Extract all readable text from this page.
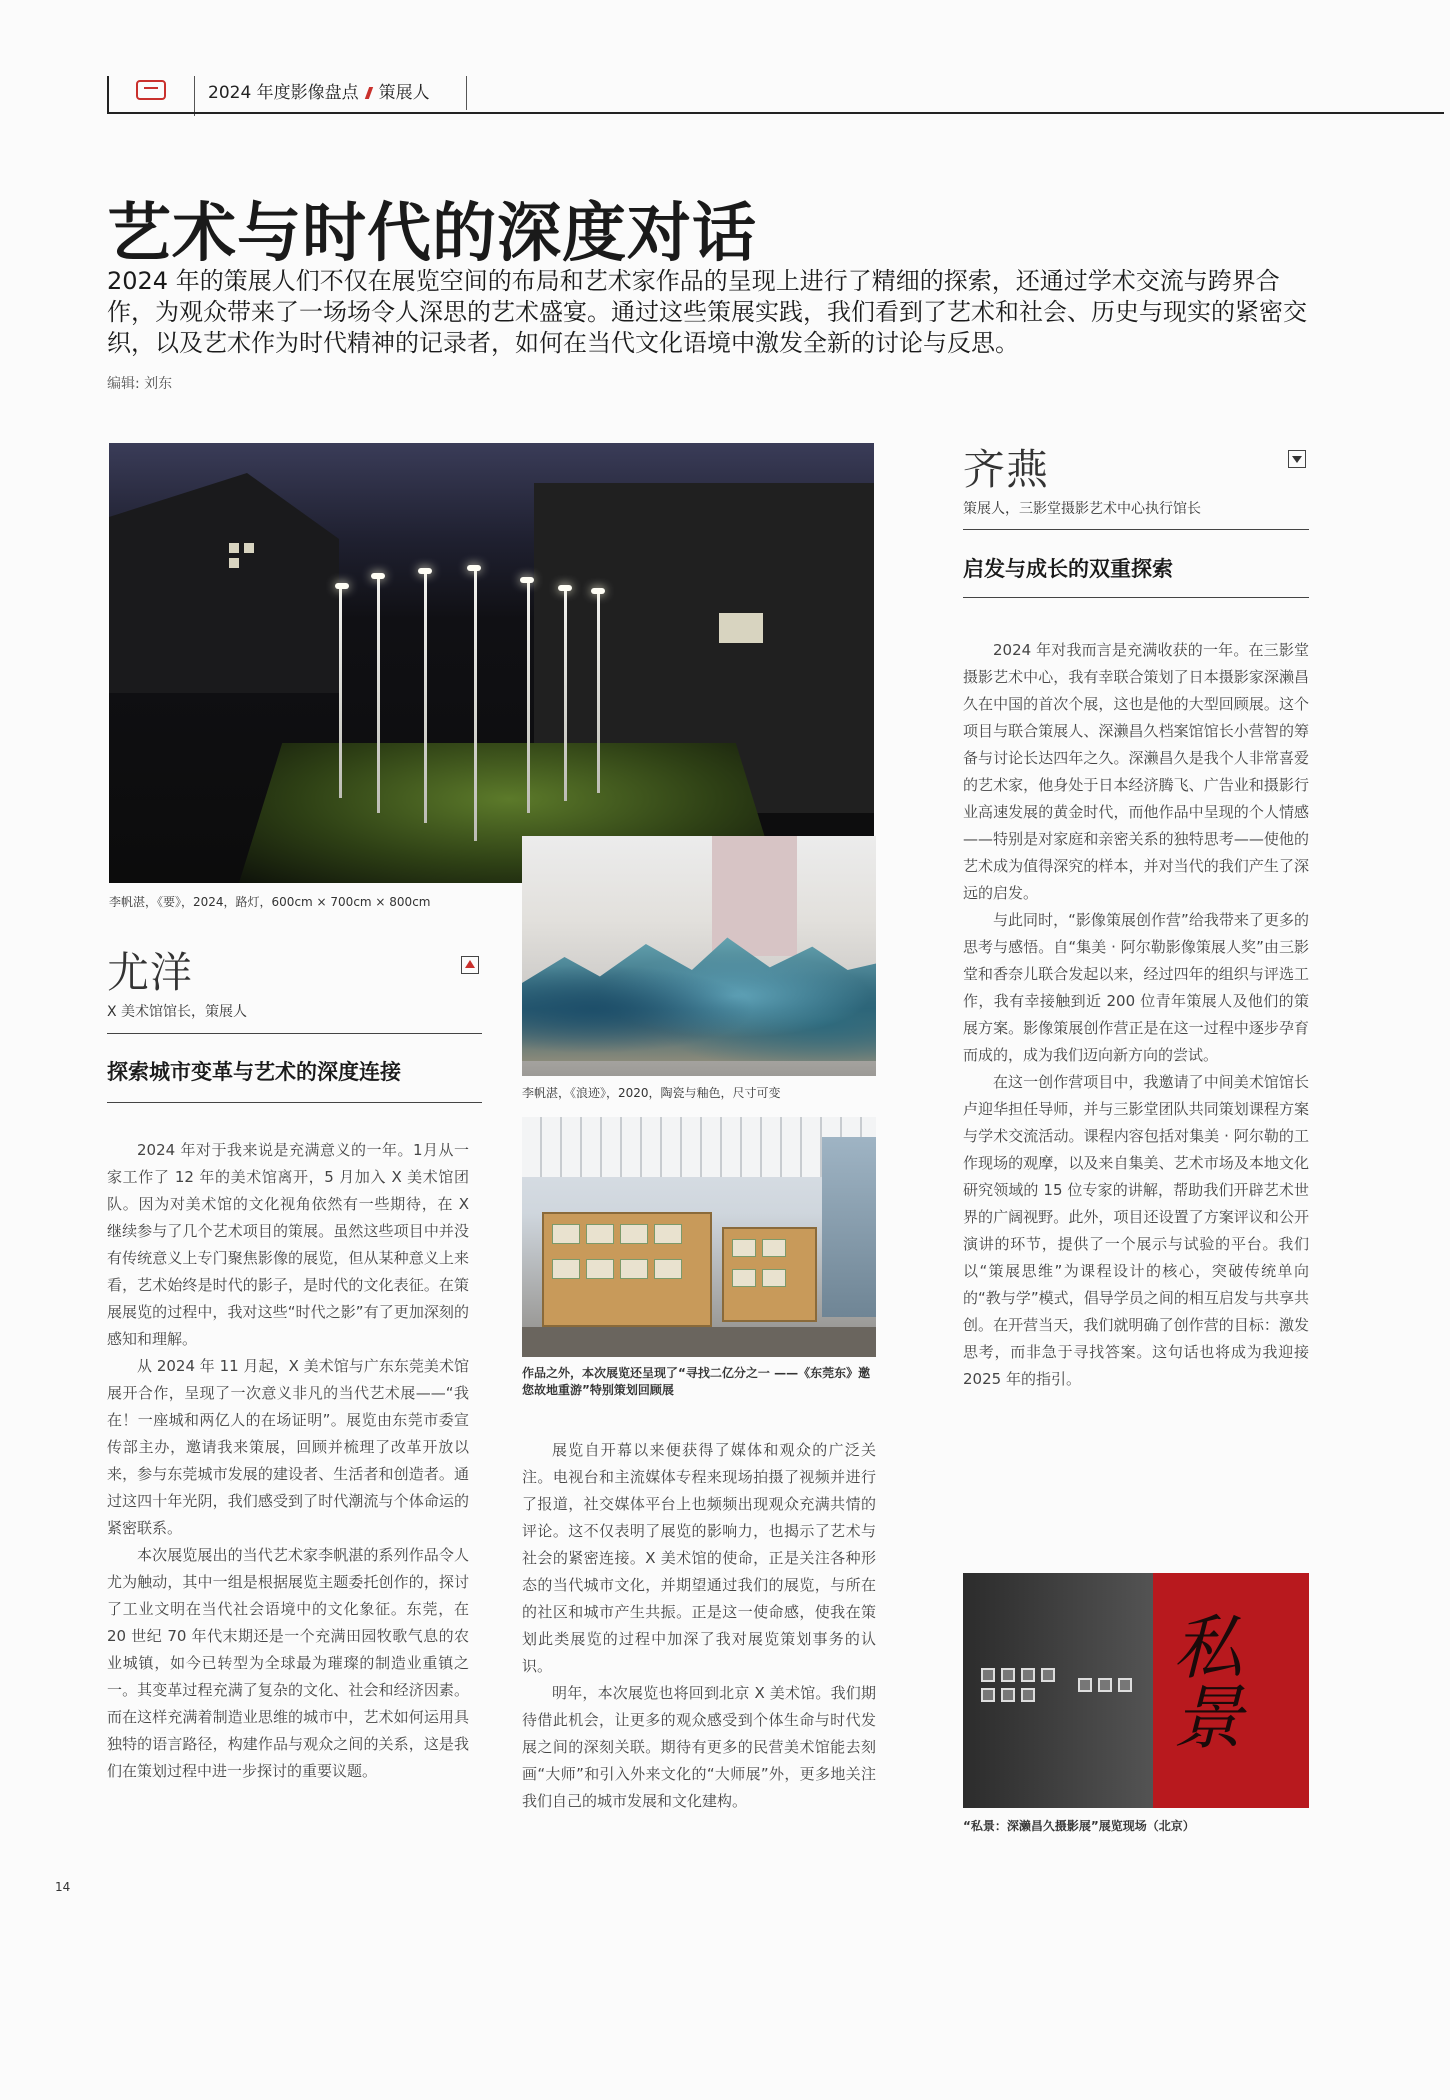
2024 年度影像盘点 策展人
艺术与时代的深度对话
2024 年的策展人们不仅在展览空间的布局和艺术家作品的呈现上进行了精细的探索，还通过学术交流与跨界合作，为观众带来了一场场令人深思的艺术盛宴。通过这些策展实践，我们看到了艺术和社会、历史与现实的紧密交织，以及艺术作为时代精神的记录者，如何在当代文化语境中激发全新的讨论与反思。
编辑: 刘东
李帆湛，《要》，2024，路灯，600cm × 700cm × 800cm
李帆湛，《浪迹》，2020，陶瓷与釉色，尺寸可变
作品之外，本次展览还呈现了“寻找二亿分之一 ——《东莞东》邀您故地重游”特别策划回顾展
私景
“私景：深濑昌久摄影展”展览现场（北京）
尤洋
X 美术馆馆长，策展人
探索城市变革与艺术的深度连接

2024 年对于我来说是充满意义的一年。1月从一家工作了 12 年的美术馆离开，5 月加入 X 美术馆团队。因为对美术馆的文化视角依然有一些期待，在 X 继续参与了几个艺术项目的策展。虽然这些项目中并没有传统意义上专门聚焦影像的展览，但从某种意义上来看，艺术始终是时代的影子，是时代的文化表征。在策展展览的过程中，我对这些“时代之影”有了更加深刻的感知和理解。

从 2024 年 11 月起，X 美术馆与广东东莞美术馆展开合作，呈现了一次意义非凡的当代艺术展——“我在！一座城和两亿人的在场证明”。展览由东莞市委宣传部主办，邀请我来策展，回顾并梳理了改革开放以来，参与东莞城市发展的建设者、生活者和创造者。通过这四十年光阴，我们感受到了时代潮流与个体命运的紧密联系。

本次展览展出的当代艺术家李帆湛的系列作品令人尤为触动，其中一组是根据展览主题委托创作的，探讨了工业文明在当代社会语境中的文化象征。东莞，在 20 世纪 70 年代末期还是一个充满田园牧歌气息的农业城镇，如今已转型为全球最为璀璨的制造业重镇之一。其变革过程充满了复杂的文化、社会和经济因素。而在这样充满着制造业思维的城市中，艺术如何运用具独特的语言路径，构建作品与观众之间的关系，这是我们在策划过程中进一步探讨的重要议题。

展览自开幕以来便获得了媒体和观众的广泛关注。电视台和主流媒体专程来现场拍摄了视频并进行了报道，社交媒体平台上也频频出现观众充满共情的评论。这不仅表明了展览的影响力，也揭示了艺术与社会的紧密连接。X 美术馆的使命，正是关注各种形态的当代城市文化，并期望通过我们的展览，与所在的社区和城市产生共振。正是这一使命感，使我在策划此类展览的过程中加深了我对展览策划事务的认识。

明年，本次展览也将回到北京 X 美术馆。我们期待借此机会，让更多的观众感受到个体生命与时代发展之间的深刻关联。期待有更多的民营美术馆能去刻画“大师”和引入外来文化的“大师展”外，更多地关注我们自己的城市发展和文化建构。

齐燕
策展人，三影堂摄影艺术中心执行馆长
启发与成长的双重探索

2024 年对我而言是充满收获的一年。在三影堂摄影艺术中心，我有幸联合策划了日本摄影家深濑昌久在中国的首次个展，这也是他的大型回顾展。这个项目与联合策展人、深濑昌久档案馆馆长小营智的筹备与讨论长达四年之久。深濑昌久是我个人非常喜爱的艺术家，他身处于日本经济腾飞、广告业和摄影行业高速发展的黄金时代，而他作品中呈现的个人情感——特别是对家庭和亲密关系的独特思考——使他的艺术成为值得深究的样本，并对当代的我们产生了深远的启发。

与此同时，“影像策展创作营”给我带来了更多的思考与感悟。自“集美 · 阿尔勒影像策展人奖”由三影堂和香奈儿联合发起以来，经过四年的组织与评选工作，我有幸接触到近 200 位青年策展人及他们的策展方案。影像策展创作营正是在这一过程中逐步孕育而成的，成为我们迈向新方向的尝试。

在这一创作营项目中，我邀请了中间美术馆馆长卢迎华担任导师，并与三影堂团队共同策划课程方案与学术交流活动。课程内容包括对集美 · 阿尔勒的工作现场的观摩，以及来自集美、艺术市场及本地文化研究领域的 15 位专家的讲解，帮助我们开辟艺术世界的广阔视野。此外，项目还设置了方案评议和公开演讲的环节，提供了一个展示与试验的平台。我们以“策展思维”为课程设计的核心，突破传统单向的“教与学”模式，倡导学员之间的相互启发与共享共创。在开营当天，我们就明确了创作营的目标：激发思考，而非急于寻找答案。这句话也将成为我迎接 2025 年的指引。

14
